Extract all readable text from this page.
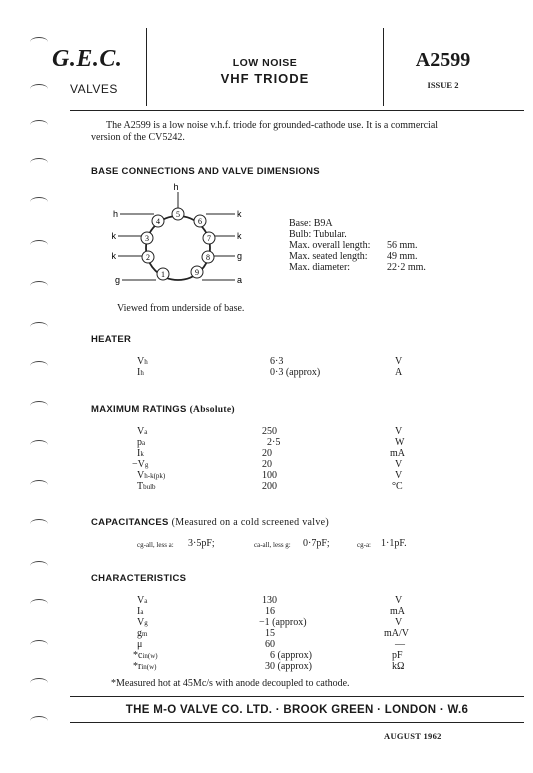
G.E.C.
VALVES
LOW NOISE
VHF TRIODE
A2599
ISSUE 2
The A2599 is a low noise v.h.f. triode for grounded-cathode use. It is a commercial
version of the CV5242.
BASE CONNECTIONS AND VALVE DIMENSIONS
5
4	6
3	7
2	8
1	9
h
h
k
k
g
k
k
g
a
Base: B9A
Bulb: Tubular.
Max. overall length: 56 mm.
Max. seated length: 49 mm.
Max. diameter:	22·2 mm.
Viewed from underside of base.
HEATER
Vh	6·3	V
Ih	0·3 (approx)	A
MAXIMUM RATINGS (Absolute)
Va	250	V
pa	2·5	W
Ik	20	mA
−Vg	20	V
Vh-k(pk)	100	V
Tbulb	200	°C
CAPACITANCES (Measured on a cold screened valve)
cg-all, less a: 3·5pF;	ca-all, less g: 0·7pF;	cg-a: 1·1pF.
CHARACTERISTICS
Va	130	V
Ia	16	mA
Vg	−1 (approx)	V
gm	15	mA/V
μ	60	—
*cin(w)	6 (approx)	pF
*rin(w)	30 (approx)	kΩ
*Measured hot at 45Mc/s with anode decoupled to cathode.
THE M-O VALVE CO. LTD. · BROOK GREEN · LONDON · W.6
AUGUST 1962
